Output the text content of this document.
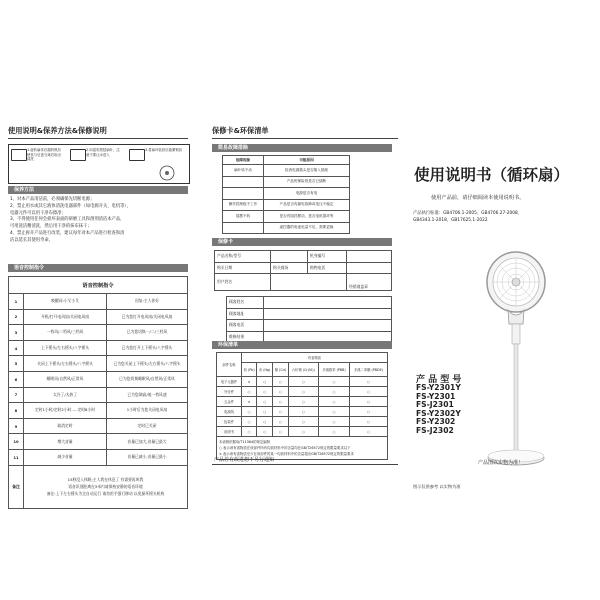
使用说明&保养方法&保修说明
1.旋转扇体后端的锁扣使其与后盖分离后取出清洗
2.用湿布擦拭扇叶，注意不要让水进入
3.将扇叶装回后旋紧锁扣
保养方法
1、对本产品清洁前，必须确保先切断电源；
2、禁止用水或其它液体清洗电器部件（如电源开关、电机等），
电器元件可以用干净布擦净；
3、不得使用任何会损坏表面的研磨工具和溶剂清洁本产品，
可用洗洁精清洗，然后用干净的抹布抹干；
4、禁止拆开产品进行改装，建议每年对本产品进行检查和清
洁以延长其使用寿命。
语音控制指令
语音控制指令		
1	唤醒词:小艾小艾	回复:主人你好
2	开机/打开电风扇/关闭电风扇	已为您打开电风扇/关闭电风扇
3	一档风/二档风/三档风	已为您切换一/二/三档风
4	上下摇头/左右摇头/八字摇头	已为您打开上下摇头/八字摇头
5	关闭上下摇头/左右摇头/八字摇头	已为您关闭上下摇头/左右摇头/八字摇头
6	睡眠风/自然风/正常风	已为您切换睡眠风/自然风/正常风
7	太冷了/太热了	已为您调高/低一档风速
8	定时1小时/定时2小时.....定时8小时	1小时后为您关闭电风扇
9	取消定时	定时已关闭
10	增大音量	音量已加大,音量已最大
11	减少音量	音量已减小,音量已最小
备注	15秒没入休眠;主人我在休息了 有需要再叫我
语音识别距离在3米内请保持安静的语音环境
备注:上下左右摇头为全自动运行 请勿用手强行移动 以免损坏摇头机构	
保修卡&环保清单
简易故障排除
故障现象	可能原因
扇叶转不动	检查电源插头是否插入插座
	产品的保险管是否已熔断
	电源是否有电
操作控制板不工作	产品是否有漏电故障或电压不稳定
摇摆不转	是否有阻挡摆动，是否电机损坏等
	遥控器的电池电量不足，需要更换
保修卡
产品名称/型号		机身编号	
购买日期	购买商场	购物电话	
用户姓名			经销商盖章
顾客姓名	
顾客地址	
顾客电话	
维修结果	
环保清单
部件名称	有害物质					
	铅 (Pb)	汞 (Hg)	镉 (Cd)	六价铬 (Cr(VI))	多溴联苯 (PBB)	多溴二苯醚 (PBDE)
电子元器件	×	○	○	○	○	○
外壳件	○	○	○	○	○	○
五金件	×	○	○	○	○	○
电源线	○	○	○	○	○	○
包装件	○	○	○	○	○	○
说明书	○	○	○	○	○	○

本表格依据SJ/T11364的规定编制
○ 表示该有害物质在该部件所有均质材料中的含量均在GB/T26572规定的限量要求以下
× 表示该有害物质至少在该部件的某一均质材料中的含量超出GB/T26572规定的限量要求						
产品若有改进恕不另行通知
使用说明书（循环扇）
使用产品前，请仔细阅读本使用说明书。
产品执行标准：GB4706.1-2005、GB4706.27-2008、
GB4343.1-2018、GB17625.1-2022
产 品 型 号
FS-Y2301Y
FS-Y2301
FS-J2301
FS-Y2302Y
FS-Y2302
FS-J2302
产品图以实物为准！
图示仅供参考 以实物为准
